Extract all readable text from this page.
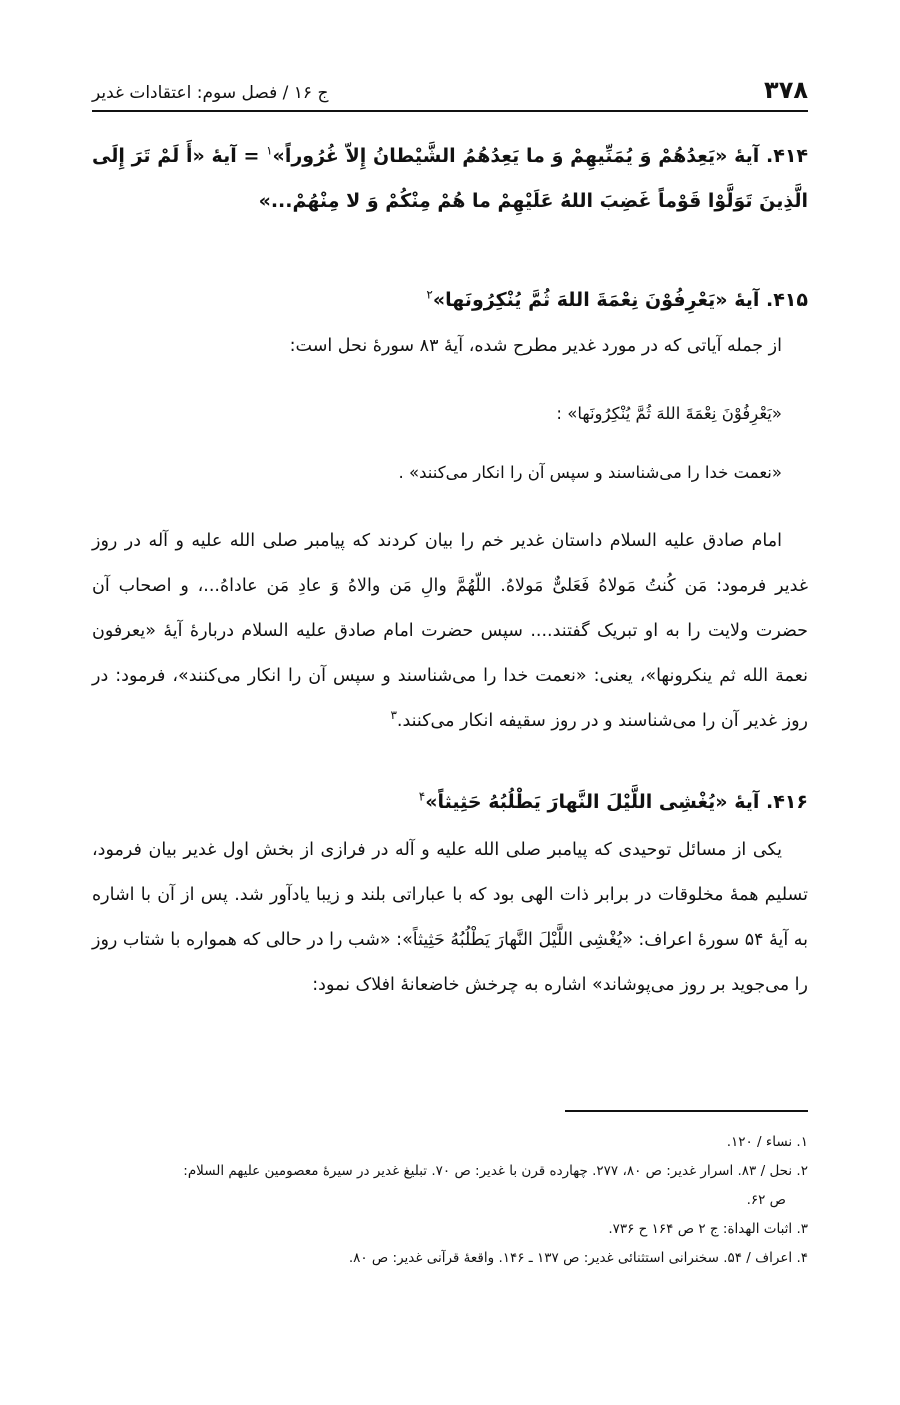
۳۷۸
ج ۱۶ / فصل سوم: اعتقادات غدیر

۴۱۴. آیهٔ «یَعِدُهُمْ وَ یُمَنِّیهِمْ وَ ما یَعِدُهُمُ الشَّیْطانُ إِلاّ غُرُوراً»$^۱$ = آیهٔ «أَ لَمْ تَرَ إِلَی الَّذِینَ تَوَلَّوْا قَوْماً غَضِبَ اللهُ عَلَیْهِمْ ما هُمْ مِنْكُمْ وَ لا مِنْهُمْ...»

۴۱۵. آیهٔ «یَعْرِفُوْنَ نِعْمَةَ اللهَ ثُمَّ یُنْكِرُونَها»$^۲$

از جمله آیاتی که در مورد غدیر مطرح شده، آیهٔ ۸۳ سورهٔ نحل است:

«یَعْرِفُوْنَ نِعْمَةَ اللهَ ثُمَّ یُنْكِرُونَها» :

«نعمت خدا را می‌شناسند و سپس آن را انکار می‌کنند» .

امام صادق علیه السلام داستان غدیر خم را بیان کردند که پیامبر صلی الله علیه و آله در روز غدیر فرمود: مَن كُنتُ مَولاهُ فَعَلیٌّ مَولاهُ. اللّهُمَّ والِ مَن والاهُ وَ عادِ مَن عاداهُ...، و اصحاب آن حضرت ولایت را به او تبریک گفتند.... سپس حضرت امام صادق علیه السلام دربارهٔ آیهٔ «یعرفون نعمة الله ثم ینکرونها»، یعنی: «نعمت خدا را می‌شناسند و سپس آن را انکار می‌کنند»، فرمود: در روز غدیر آن را می‌شناسند و در روز سقیفه انکار می‌کنند.$^۳$

۴۱۶. آیهٔ «یُغْشِی اللَّیْلَ النَّهارَ یَطْلُبُهُ حَثِیثاً»$^۴$

یکی از مسائل توحیدی که پیامبر صلی الله علیه و آله در فرازی از بخش اول غدیر بیان فرمود، تسلیم همهٔ مخلوقات در برابر ذات الهی بود که با عباراتی بلند و زیبا یادآور شد. پس از آن با اشاره به آیهٔ ۵۴ سورهٔ اعراف: «یُغْشِی اللَّیْلَ النَّهارَ یَطْلُبُهُ حَثِیثاً»: «شب را در حالی که همواره با شتاب روز را می‌جوید بر روز می‌پوشاند» اشاره به چرخش خاضعانهٔ افلاک نمود:

۱. نساء / ۱۲۰.

۲. نحل / ۸۳. اسرار غدیر: ص ۸۰، ۲۷۷. چهارده قرن با غدیر: ص ۷۰. تبلیغ غدیر در سیرهٔ معصومین علیهم السلام:

ص ۶۲.

۳. اثبات الهداة: ج ۲ ص ۱۶۴ ح ۷۳۶.

۴. اعراف / ۵۴. سخنرانی استثنائی غدیر: ص ۱۳۷ ـ ۱۴۶. واقعهٔ قرآنی غدیر: ص ۸۰.
